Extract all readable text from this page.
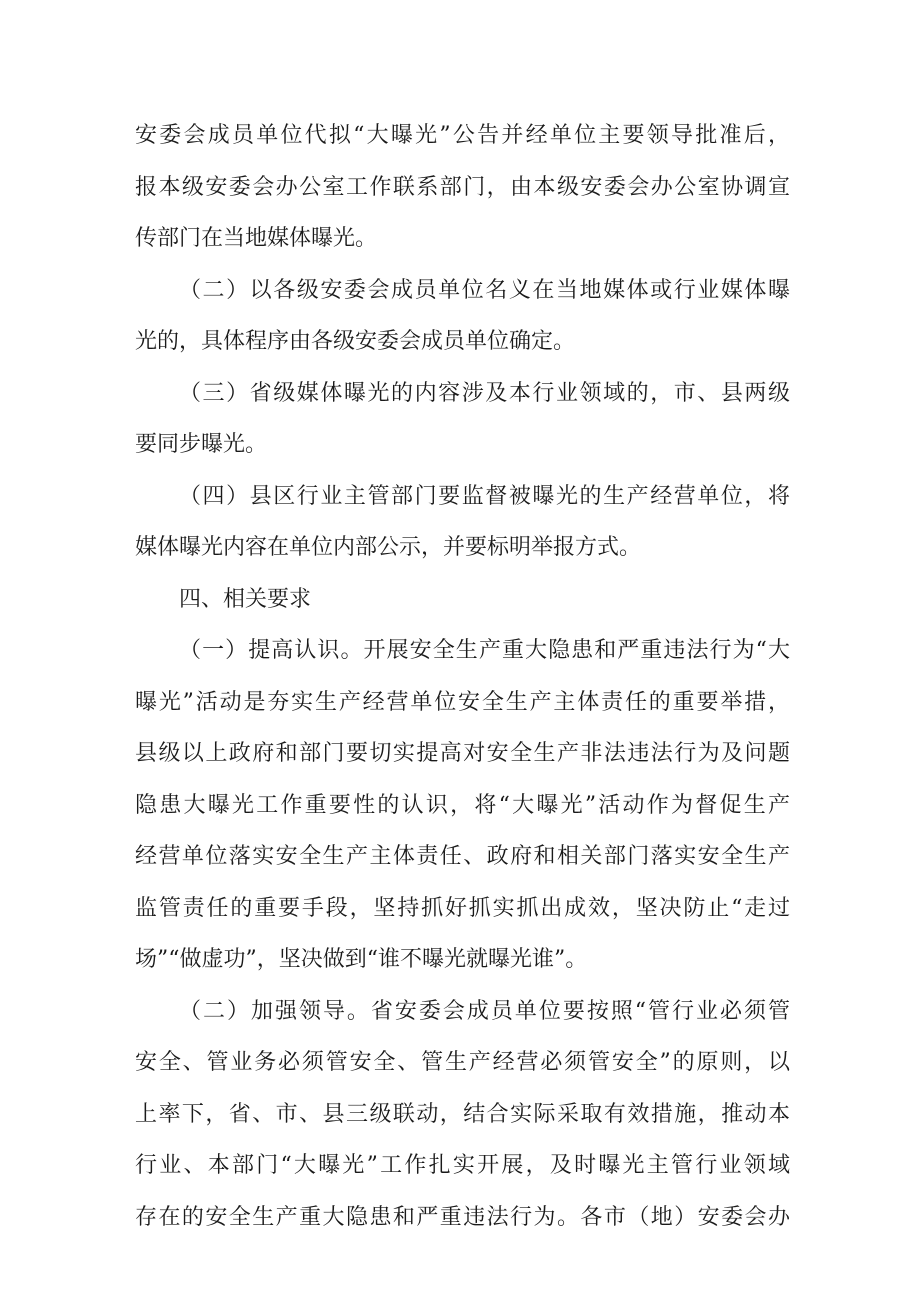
安委会成员单位代拟“大曝光”公告并经单位主要领导批准后，
报本级安委会办公室工作联系部门，由本级安委会办公室协调宣
传部门在当地媒体曝光。
（二）以各级安委会成员单位名义在当地媒体或行业媒体曝
光的，具体程序由各级安委会成员单位确定。
（三）省级媒体曝光的内容涉及本行业领域的，市、县两级
要同步曝光。
（四）县区行业主管部门要监督被曝光的生产经营单位，将
媒体曝光内容在单位内部公示，并要标明举报方式。
四、相关要求
（一）提高认识。开展安全生产重大隐患和严重违法行为“大
曝光”活动是夯实生产经营单位安全生产主体责任的重要举措，
县级以上政府和部门要切实提高对安全生产非法违法行为及问题
隐患大曝光工作重要性的认识，将“大曝光”活动作为督促生产
经营单位落实安全生产主体责任、政府和相关部门落实安全生产
监管责任的重要手段，坚持抓好抓实抓出成效，坚决防止“走过
场”“做虚功”，坚决做到“谁不曝光就曝光谁”。
（二）加强领导。省安委会成员单位要按照“管行业必须管
安全、管业务必须管安全、管生产经营必须管安全”的原则，以
上率下，省、市、县三级联动，结合实际采取有效措施，推动本
行业、本部门“大曝光”工作扎实开展，及时曝光主管行业领域
存在的安全生产重大隐患和严重违法行为。各市（地）安委会办
